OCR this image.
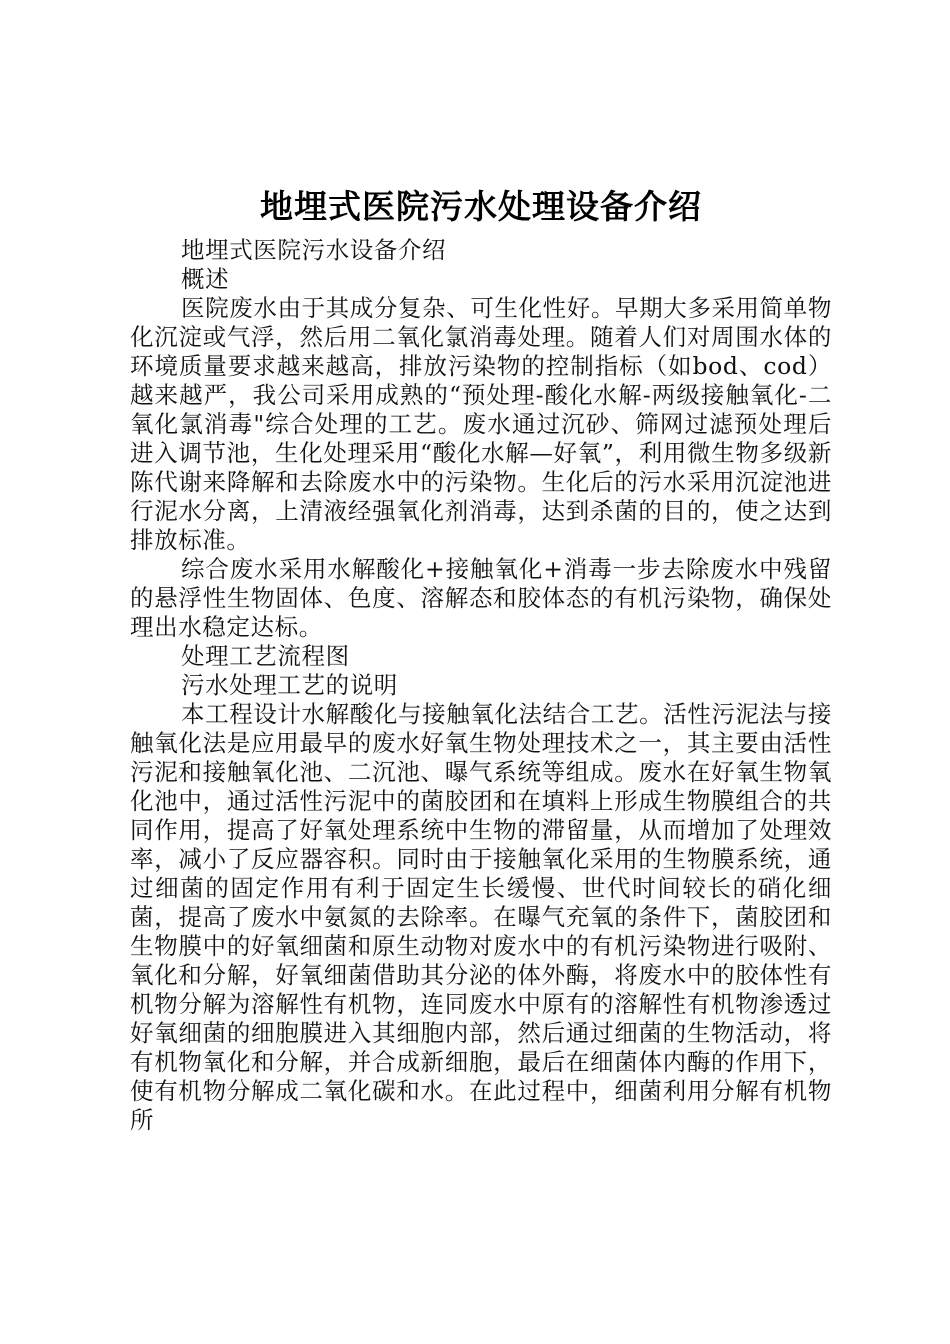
地埋式医院污水处理设备介绍

地埋式医院污水设备介绍

概述

医院废水由于其成分复杂、可生化性好。早期大多采用简单物化沉淀或气浮，然后用二氧化氯消毒处理。随着人们对周围水体的环境质量要求越来越高，排放污染物的控制指标（如bod、cod）越来越严，我公司采用成熟的“预处理-酸化水解-两级接触氧化-二氧化氯消毒"综合处理的工艺。废水通过沉砂、筛网过滤预处理后进入调节池，生化处理采用“酸化水解—好氧”，利用微生物多级新陈代谢来降解和去除废水中的污染物。生化后的污水采用沉淀池进行泥水分离，上清液经强氧化剂消毒，达到杀菌的目的，使之达到排放标准。

综合废水采用水解酸化+接触氧化+消毒一步去除废水中残留的悬浮性生物固体、色度、溶解态和胶体态的有机污染物，确保处理出水稳定达标。

处理工艺流程图

污水处理工艺的说明

本工程设计水解酸化与接触氧化法结合工艺。活性污泥法与接触氧化法是应用最早的废水好氧生物处理技术之一，其主要由活性污泥和接触氧化池、二沉池、曝气系统等组成。废水在好氧生物氧化池中，通过活性污泥中的菌胶团和在填料上形成生物膜组合的共同作用，提高了好氧处理系统中生物的滞留量，从而增加了处理效率，减小了反应器容积。同时由于接触氧化采用的生物膜系统，通过细菌的固定作用有利于固定生长缓慢、世代时间较长的硝化细菌，提高了废水中氨氮的去除率。在曝气充氧的条件下，菌胶团和生物膜中的好氧细菌和原生动物对废水中的有机污染物进行吸附、氧化和分解，好氧细菌借助其分泌的体外酶，将废水中的胶体性有机物分解为溶解性有机物，连同废水中原有的溶解性有机物渗透过好氧细菌的细胞膜进入其细胞内部，然后通过细菌的生物活动，将有机物氧化和分解，并合成新细胞，最后在细菌体内酶的作用下，使有机物分解成二氧化碳和水。在此过程中，细菌利用分解有机物所
